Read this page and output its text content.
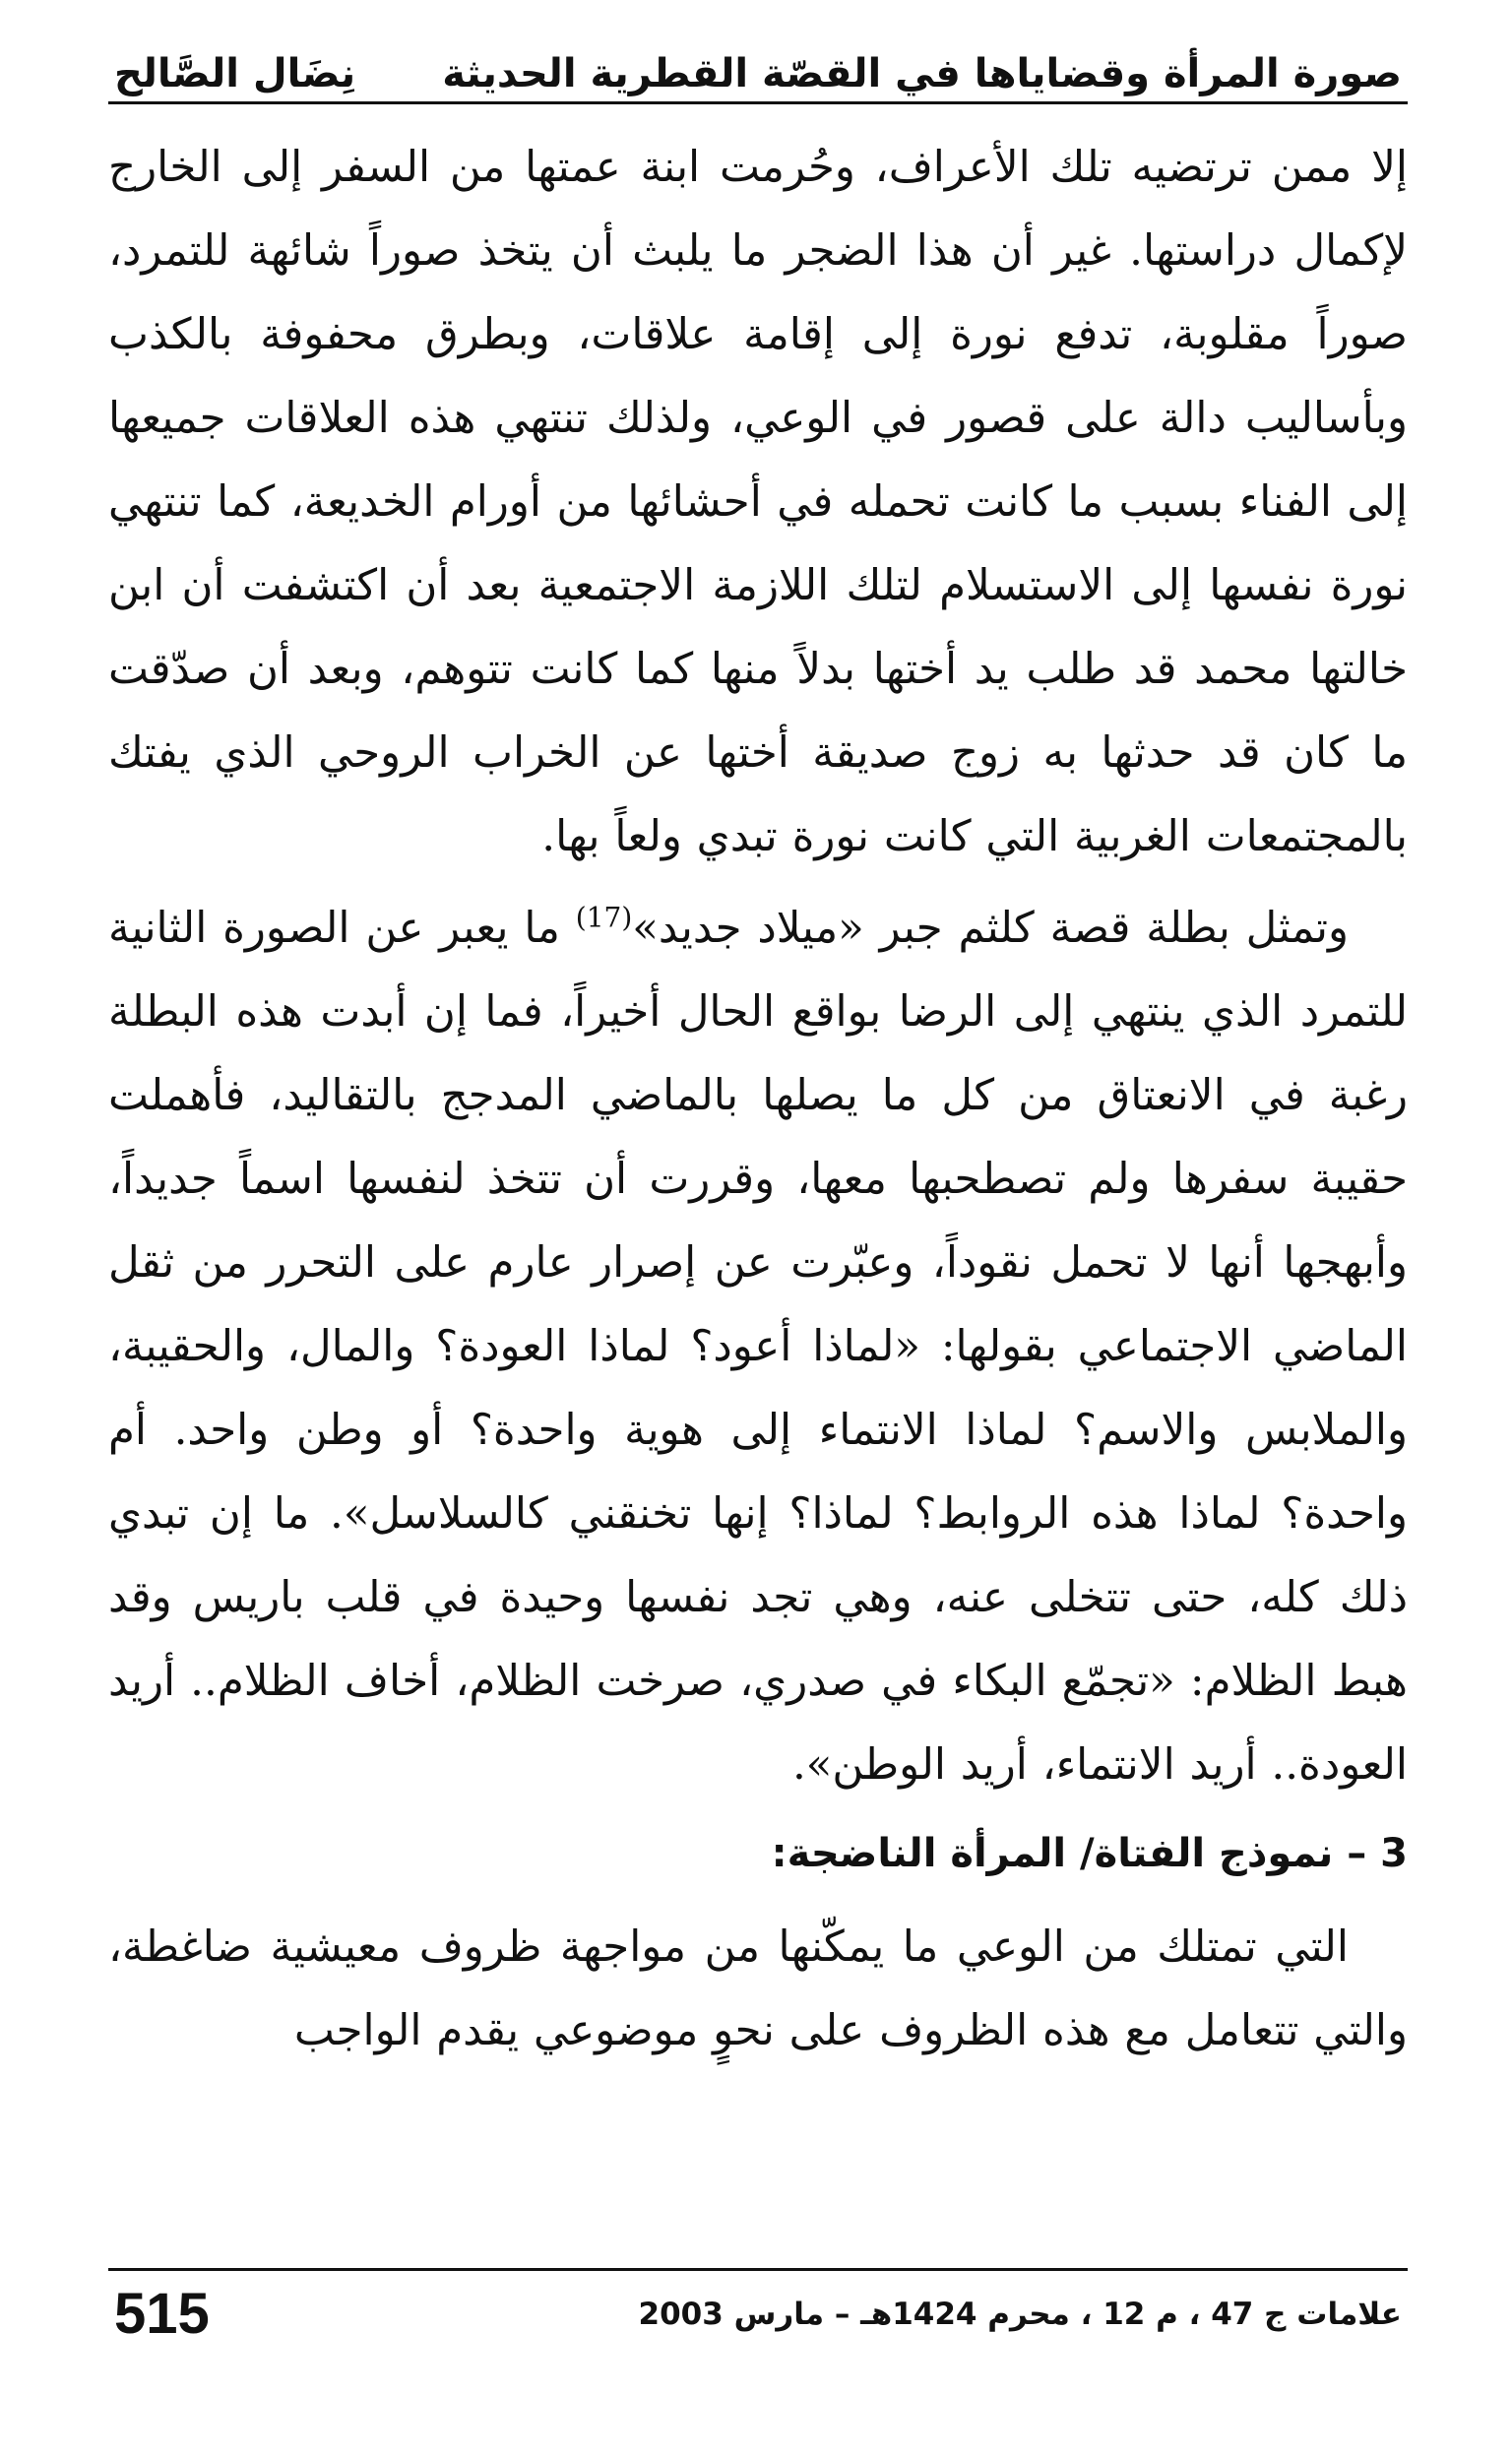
صورة المرأة وقضاياها في القصّة القطرية الحديثة
نِضَال الصَّالح

إلا ممن ترتضيه تلك الأعراف، وحُرمت ابنة عمتها من السفر إلى الخارج لإكمال دراستها. غير أن هذا الضجر ما يلبث أن يتخذ صوراً شائهة للتمرد، صوراً مقلوبة، تدفع نورة إلى إقامة علاقات، وبطرق محفوفة بالكذب وبأساليب دالة على قصور في الوعي، ولذلك تنتهي هذه العلاقات جميعها إلى الفناء بسبب ما كانت تحمله في أحشائها من أورام الخديعة، كما تنتهي نورة نفسها إلى الاستسلام لتلك اللازمة الاجتمعية بعد أن اكتشفت أن ابن خالتها محمد قد طلب يد أختها بدلاً منها كما كانت تتوهم، وبعد أن صدّقت ما كان قد حدثها به زوج صديقة أختها عن الخراب الروحي الذي يفتك بالمجتمعات الغربية التي كانت نورة تبدي ولعاً بها.

وتمثل بطلة قصة كلثم جبر «ميلاد جديد»$^{(17)}$ ما يعبر عن الصورة الثانية للتمرد الذي ينتهي إلى الرضا بواقع الحال أخيراً، فما إن أبدت هذه البطلة رغبة في الانعتاق من كل ما يصلها بالماضي المدجج بالتقاليد، فأهملت حقيبة سفرها ولم تصطحبها معها، وقررت أن تتخذ لنفسها اسماً جديداً، وأبهجها أنها لا تحمل نقوداً، وعبّرت عن إصرار عارم على التحرر من ثقل الماضي الاجتماعي بقولها: «لماذا أعود؟ لماذا العودة؟ والمال، والحقيبة، والملابس والاسم؟ لماذا الانتماء إلى هوية واحدة؟ أو وطن واحد. أم واحدة؟ لماذا هذه الروابط؟ لماذا؟ إنها تخنقني كالسلاسل». ما إن تبدي ذلك كله، حتى تتخلى عنه، وهي تجد نفسها وحيدة في قلب باريس وقد هبط الظلام: «تجمّع البكاء في صدري، صرخت الظلام، أخاف الظلام.. أريد العودة.. أريد الانتماء، أريد الوطن».

3 – نموذج الفتاة/ المرأة الناضجة:

التي تمتلك من الوعي ما يمكّنها من مواجهة ظروف معيشية ضاغطة، والتي تتعامل مع هذه الظروف على نحوٍ موضوعي يقدم الواجب

علامات ج 47 ، م 12 ، محرم 1424هـ – مارس 2003
515
